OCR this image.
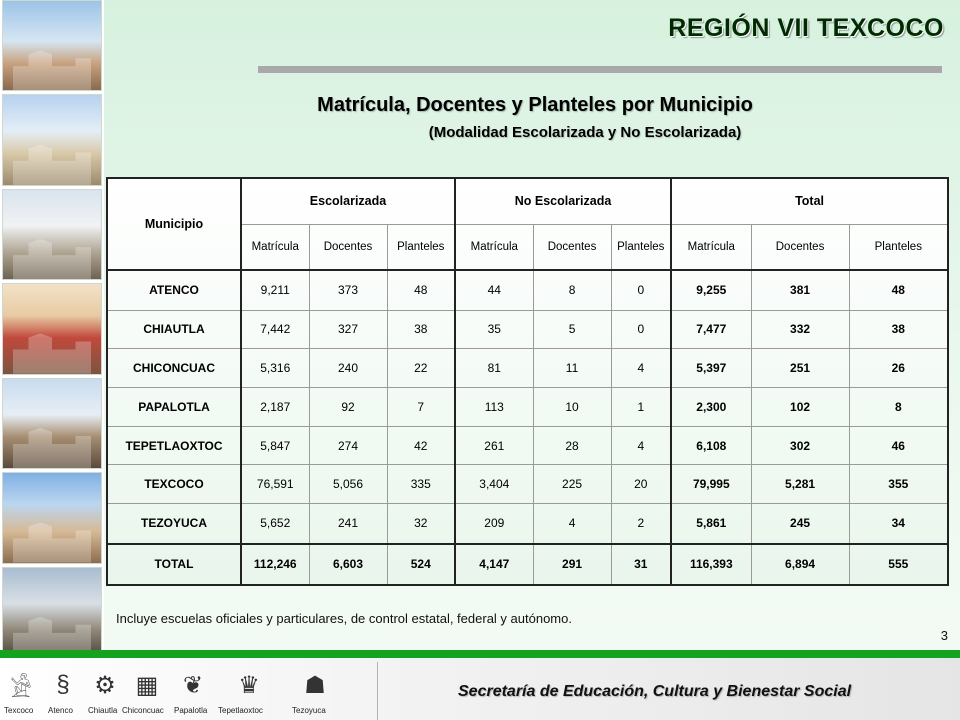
REGIÓN VII TEXCOCO
Matrícula, Docentes y Planteles por Municipio
(Modalidad Escolarizada y No Escolarizada)
Municipio	Escolarizada			No Escolarizada			Total		
	Matrícula	Docentes	Planteles	Matrícula	Docentes	Planteles	Matrícula	Docentes	Planteles
ATENCO	9,211	373	48	44	8	0	9,255	381	48
CHIAUTLA	7,442	327	38	35	5	0	7,477	332	38
CHICONCUAC	5,316	240	22	81	11	4	5,397	251	26
PAPALOTLA	2,187	92	7	113	10	1	2,300	102	8
TEPETLAOXTOC	5,847	274	42	261	28	4	6,108	302	46
TEXCOCO	76,591	5,056	335	3,404	225	20	79,995	5,281	355
TEZOYUCA	5,652	241	32	209	4	2	5,861	245	34
TOTAL	112,246	6,603	524	4,147	291	31	116,393	6,894	555
Incluye escuelas oficiales y particulares, de control estatal, federal y autónomo.
3
𓀀
Texcoco
§
Atenco
⚙
Chiautla
▦
Chiconcuac
❦
Papalotla
♛
Tepetlaoxtoc
☗
Tezoyuca
Secretaría de Educación, Cultura y Bienestar Social
